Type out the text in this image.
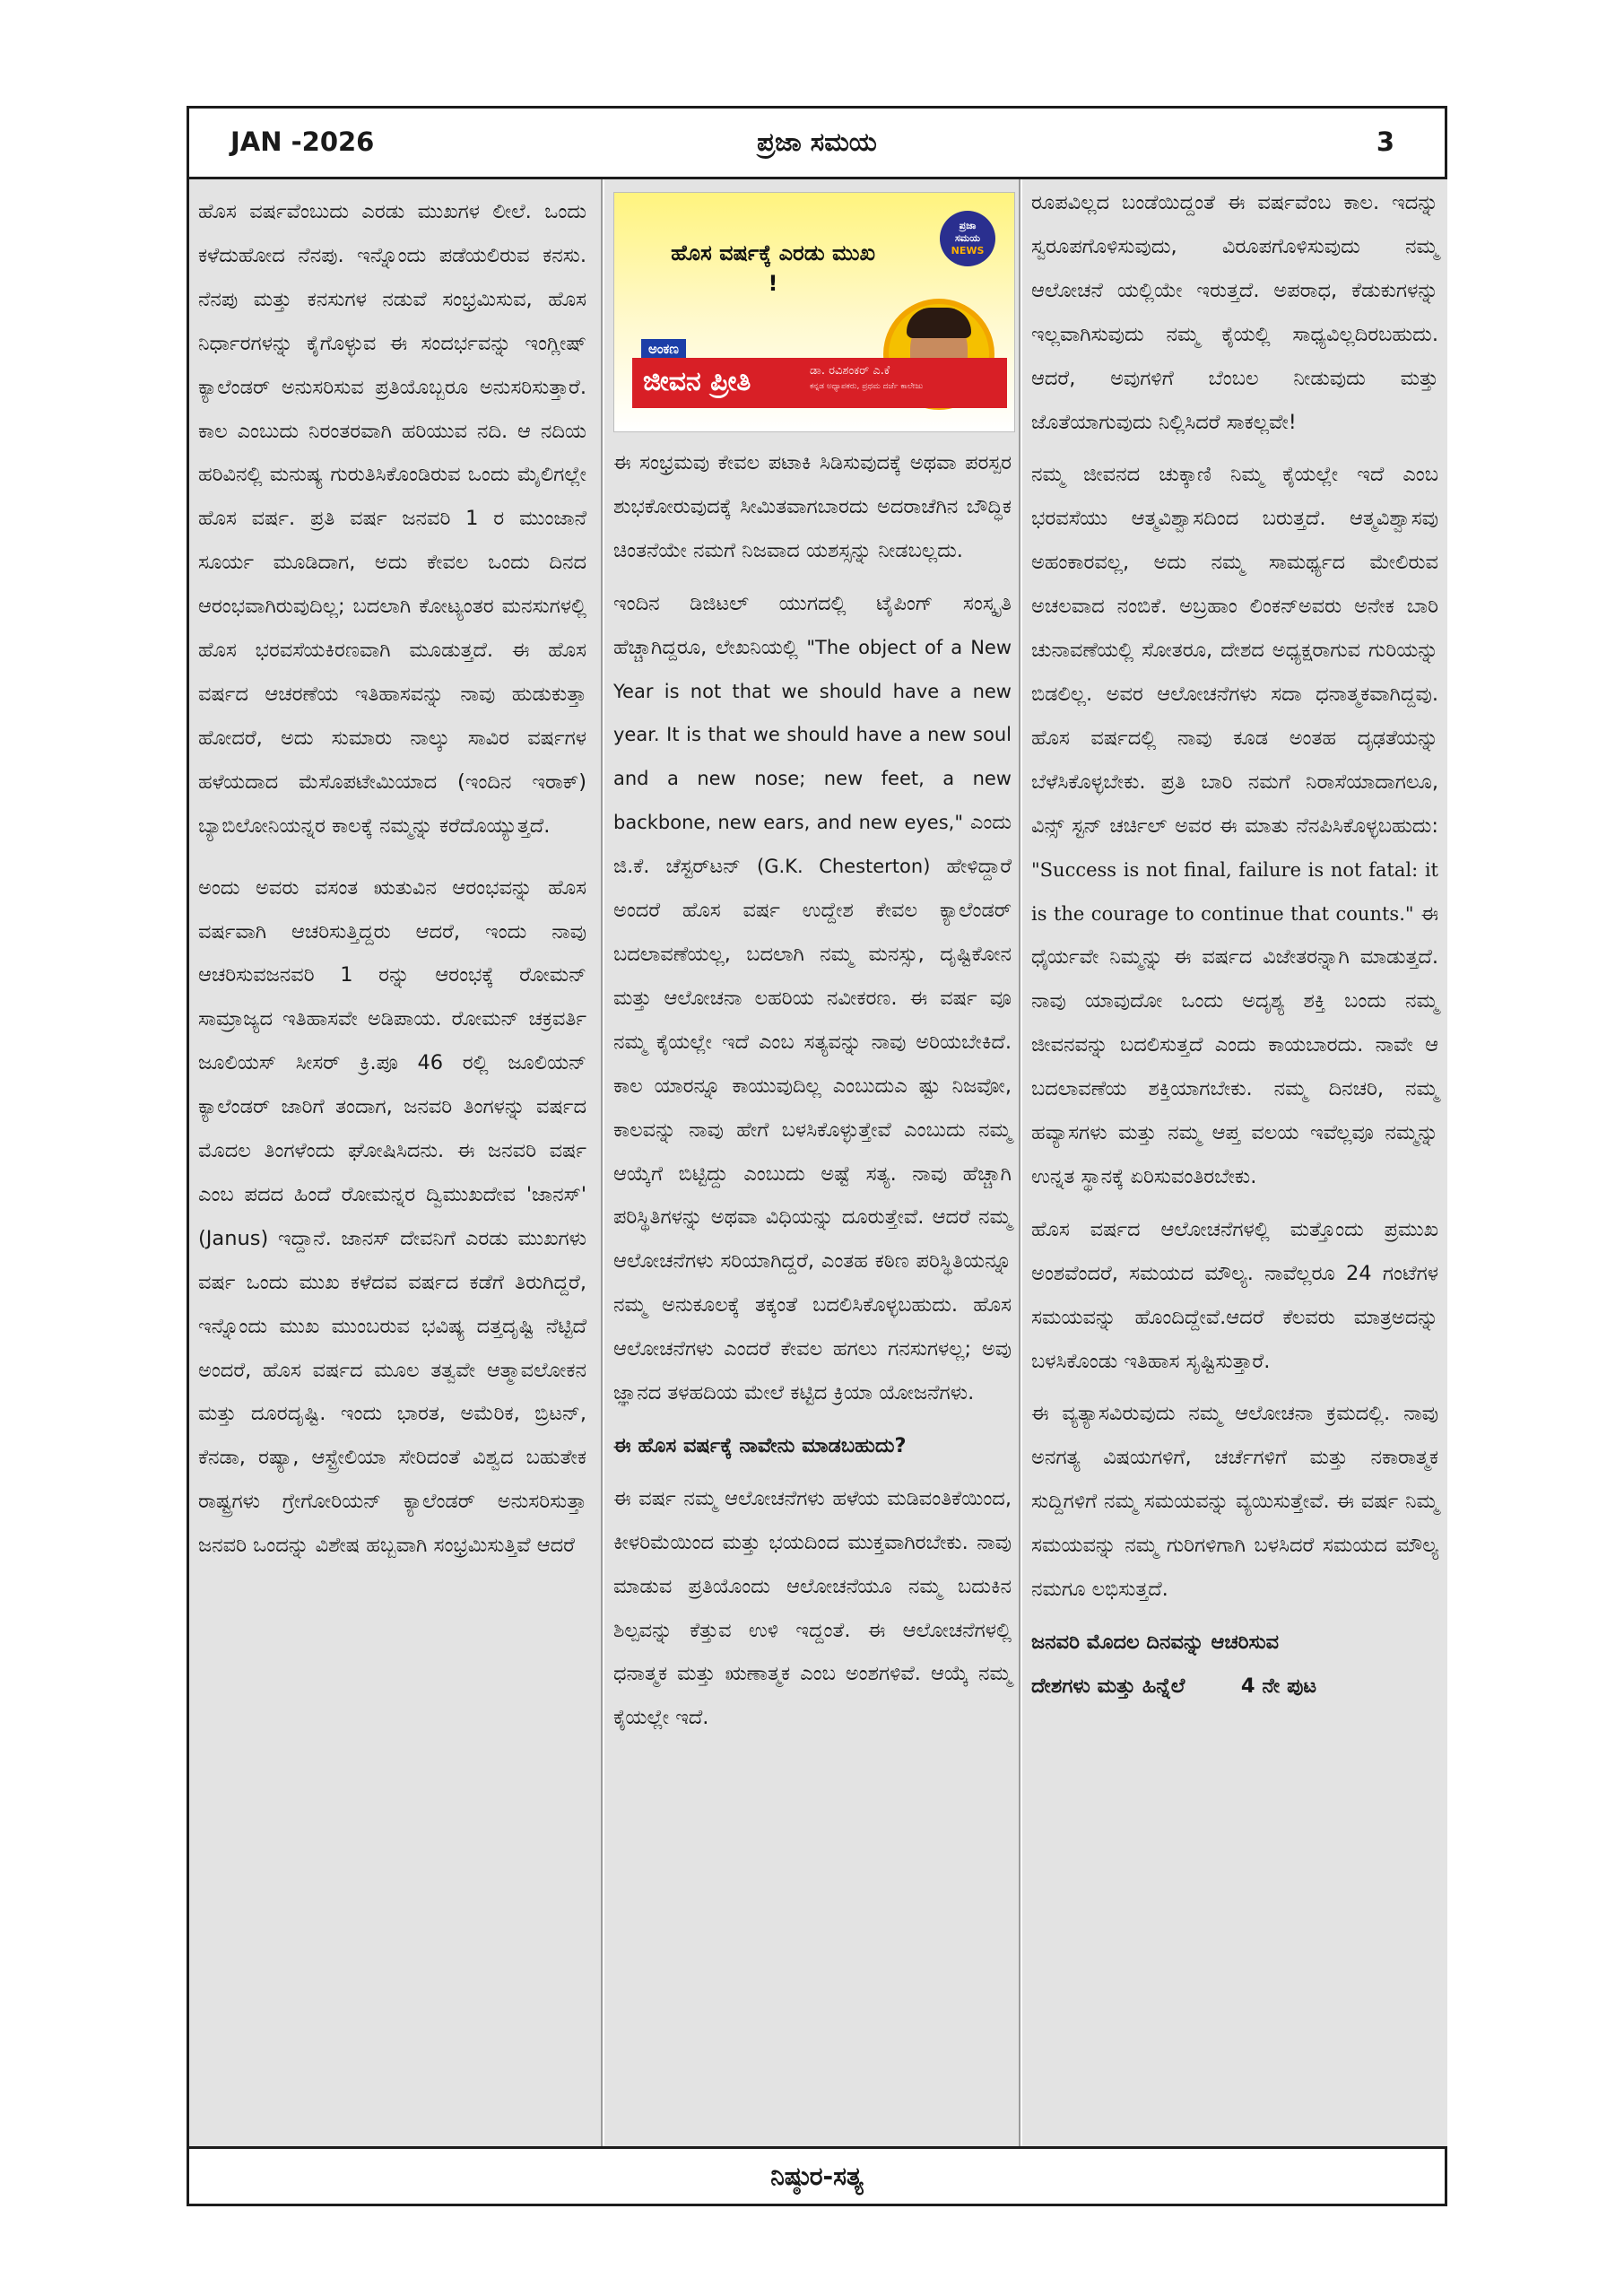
JAN -2026	ಪ್ರಜಾ ಸಮಯ	3

ಹೊಸ ವರ್ಷವೆಂಬುದು ಎರಡು ಮುಖಗಳ ಲೀಲೆ. ಒಂದು ಕಳೆದುಹೋದ ನೆನಪು. ಇನ್ನೊಂದು ಪಡೆಯಲಿರುವ ಕನಸು. ನೆನಪು ಮತ್ತು ಕನಸುಗಳ ನಡುವೆ ಸಂಭ್ರಮಿಸುವ, ಹೊಸ ನಿರ್ಧಾರಗಳನ್ನು ಕೈಗೊಳ್ಳುವ ಈ ಸಂದರ್ಭವನ್ನು ಇಂಗ್ಲೀಷ್ ಕ್ಯಾಲೆಂಡರ್ ಅನುಸರಿಸುವ ಪ್ರತಿಯೊಬ್ಬರೂ ಅನುಸರಿಸುತ್ತಾರೆ. ಕಾಲ ಎಂಬುದು ನಿರಂತರವಾಗಿ ಹರಿಯುವ ನದಿ. ಆ ನದಿಯ ಹರಿವಿನಲ್ಲಿ ಮನುಷ್ಯ ಗುರುತಿಸಿಕೊಂಡಿರುವ ಒಂದು ಮೈಲಿಗಲ್ಲೇ ಹೊಸ ವರ್ಷ. ಪ್ರತಿ ವರ್ಷ ಜನವರಿ 1 ರ ಮುಂಜಾನೆ ಸೂರ್ಯ ಮೂಡಿದಾಗ, ಅದು ಕೇವಲ ಒಂದು ದಿನದ ಆರಂಭವಾಗಿರುವುದಿಲ್ಲ; ಬದಲಾಗಿ ಕೋಟ್ಯಂತರ ಮನಸುಗಳಲ್ಲಿ ಹೊಸ ಭರವಸೆಯಕಿರಣವಾಗಿ ಮೂಡುತ್ತದೆ. ಈ ಹೊಸ ವರ್ಷದ ಆಚರಣೆಯ ಇತಿಹಾಸವನ್ನು ನಾವು ಹುಡುಕುತ್ತಾ ಹೋದರೆ, ಅದು ಸುಮಾರು ನಾಲ್ಕು ಸಾವಿರ ವರ್ಷಗಳ ಹಳೆಯದಾದ ಮೆಸೊಪಟೇಮಿಯಾದ (ಇಂದಿನ ಇರಾಕ್) ಬ್ಯಾಬಿಲೋನಿಯನ್ನರ ಕಾಲಕ್ಕೆ ನಮ್ಮನ್ನು ಕರೆದೊಯ್ಯುತ್ತದೆ.

ಅಂದು ಅವರು ವಸಂತ ಋತುವಿನ ಆರಂಭವನ್ನು ಹೊಸ ವರ್ಷವಾಗಿ ಆಚರಿಸುತ್ತಿದ್ದರು ಆದರೆ, ಇಂದು ನಾವು ಆಚರಿಸುವಜನವರಿ 1 ರನ್ನು ಆರಂಭಕ್ಕೆ ರೋಮನ್ ಸಾಮ್ರಾಜ್ಯದ ಇತಿಹಾಸವೇ ಅಡಿಪಾಯ. ರೋಮನ್ ಚಕ್ರವರ್ತಿ ಜೂಲಿಯಸ್ ಸೀಸರ್ ಕ್ರಿ.ಪೂ 46 ರಲ್ಲಿ ಜೂಲಿಯನ್ ಕ್ಯಾಲೆಂಡರ್ ಜಾರಿಗೆ ತಂದಾಗ, ಜನವರಿ ತಿಂಗಳನ್ನು ವರ್ಷದ ಮೊದಲ ತಿಂಗಳೆಂದು ಘೋಷಿಸಿದನು. ಈ ಜನವರಿ ವರ್ಷ ಎಂಬ ಪದದ ಹಿಂದೆ ರೋಮನ್ನರ ದ್ವಿಮುಖದೇವ 'ಜಾನಸ್' (Janus) ಇದ್ದಾನೆ. ಜಾನಸ್ ದೇವನಿಗೆ ಎರಡು ಮುಖಗಳು ವರ್ಷ ಒಂದು ಮುಖ ಕಳೆದವ ವರ್ಷದ ಕಡೆಗೆ ತಿರುಗಿದ್ದರೆ, ಇನ್ನೊಂದು ಮುಖ ಮುಂಬರುವ ಭವಿಷ್ಯ ದತ್ತದೃಷ್ಟಿ ನೆಟ್ಟಿದೆ ಅಂದರೆ, ಹೊಸ ವರ್ಷದ ಮೂಲ ತತ್ವವೇ ಆತ್ಮಾವಲೋಕನ ಮತ್ತು ದೂರದೃಷ್ಟಿ. ಇಂದು ಭಾರತ, ಅಮೆರಿಕ, ಬ್ರಿಟನ್, ಕೆನಡಾ, ರಷ್ಯಾ, ಆಸ್ಟ್ರೇಲಿಯಾ ಸೇರಿದಂತೆ ವಿಶ್ವದ ಬಹುತೇಕ ರಾಷ್ಟ್ರಗಳು ಗ್ರೇಗೋರಿಯನ್ ಕ್ಯಾಲೆಂಡರ್ ಅನುಸರಿಸುತ್ತಾ ಜನವರಿ ಒಂದನ್ನು ವಿಶೇಷ ಹಬ್ಬವಾಗಿ ಸಂಭ್ರಮಿಸುತ್ತಿವೆ ಆದರೆ

ಹೊಸ ವರ್ಷಕ್ಕೆ ಎರಡು ಮುಖ !
ಪ್ರಜಾ
ಸಮಯ
NEWS
ಅಂಕಣ
ಜೀವನ ಪ್ರೀತಿ	ಡಾ. ರವಿಶಂಕರ್ ಎ.ಕೆ
ಕನ್ನಡ ಅಧ್ಯಾಪಕರು, ಪ್ರಥಮ ದರ್ಜೆ ಕಾಲೇಜು

ಈ ಸಂಭ್ರಮವು ಕೇವಲ ಪಟಾಕಿ ಸಿಡಿಸುವುದಕ್ಕೆ ಅಥವಾ ಪರಸ್ಪರ ಶುಭಕೋರುವುದಕ್ಕೆ ಸೀಮಿತವಾಗಬಾರದು ಅದರಾಚೆಗಿನ ಬೌದ್ಧಿಕ ಚಿಂತನೆಯೇ ನಮಗೆ ನಿಜವಾದ ಯಶಸ್ಸನ್ನು ನೀಡಬಲ್ಲದು.

ಇಂದಿನ ಡಿಜಿಟಲ್ ಯುಗದಲ್ಲಿ ಟೈಪಿಂಗ್ ಸಂಸ್ಕೃತಿ ಹೆಚ್ಚಾಗಿದ್ದರೂ, ಲೇಖನಿಯಲ್ಲಿ "The object of a New Year is not that we should have a new year. It is that we should have a new soul and a new nose; new feet, a new backbone, new ears, and new eyes," ಎಂದು ಜಿ.ಕೆ. ಚೆಸ್ಟರ್‌ಟನ್ (G.K. Chesterton) ಹೇಳಿದ್ದಾರೆ ಅಂದರೆ ಹೊಸ ವರ್ಷ ಉದ್ದೇಶ ಕೇವಲ ಕ್ಯಾಲೆಂಡರ್ ಬದಲಾವಣೆಯಲ್ಲ, ಬದಲಾಗಿ ನಮ್ಮ ಮನಸ್ಸು, ದೃಷ್ಟಿಕೋನ ಮತ್ತು ಆಲೋಚನಾ ಲಹರಿಯ ನವೀಕರಣ. ಈ ವರ್ಷ ವೂ ನಮ್ಮ ಕೈಯಲ್ಲೇ ಇದೆ ಎಂಬ ಸತ್ಯವನ್ನು ನಾವು ಅರಿಯಬೇಕಿದೆ. ಕಾಲ ಯಾರನ್ನೂ ಕಾಯುವುದಿಲ್ಲ ಎಂಬುದುಎ ಷ್ಟು ನಿಜವೋ, ಕಾಲವನ್ನು ನಾವು ಹೇಗೆ ಬಳಸಿಕೊಳ್ಳುತ್ತೇವೆ ಎಂಬುದು ನಮ್ಮ ಆಯ್ಕೆಗೆ ಬಿಟ್ಟಿದ್ದು ಎಂಬುದು ಅಷ್ಟೆ ಸತ್ಯ. ನಾವು ಹೆಚ್ಚಾಗಿ ಪರಿಸ್ಥಿತಿಗಳನ್ನು ಅಥವಾ ವಿಧಿಯನ್ನು ದೂರುತ್ತೇವೆ. ಆದರೆ ನಮ್ಮ ಆಲೋಚನೆಗಳು ಸರಿಯಾಗಿದ್ದರೆ, ಎಂತಹ ಕಠಿಣ ಪರಿಸ್ಥಿತಿಯನ್ನೂ ನಮ್ಮ ಅನುಕೂಲಕ್ಕೆ ತಕ್ಕಂತೆ ಬದಲಿಸಿಕೊಳ್ಳಬಹುದು. ಹೊಸ ಆಲೋಚನೆಗಳು ಎಂದರೆ ಕೇವಲ ಹಗಲು ಗನಸುಗಳಲ್ಲ; ಅವು ಜ್ಞಾನದ ತಳಹದಿಯ ಮೇಲೆ ಕಟ್ಟಿದ ಕ್ರಿಯಾ ಯೋಜನೆಗಳು.

ಈ ಹೊಸ ವರ್ಷಕ್ಕೆ ನಾವೇನು ಮಾಡಬಹುದು?

ಈ ವರ್ಷ ನಮ್ಮ ಆಲೋಚನೆಗಳು ಹಳೆಯ ಮಡಿವಂತಿಕೆಯಿಂದ, ಕೀಳರಿಮೆಯಿಂದ ಮತ್ತು ಭಯದಿಂದ ಮುಕ್ತವಾಗಿರಬೇಕು. ನಾವು ಮಾಡುವ ಪ್ರತಿಯೊಂದು ಆಲೋಚನೆಯೂ ನಮ್ಮ ಬದುಕಿನ ಶಿಲ್ಪವನ್ನು ಕೆತ್ತುವ ಉಳಿ ಇದ್ದಂತೆ. ಈ ಆಲೋಚನೆಗಳಲ್ಲಿ ಧನಾತ್ಮಕ ಮತ್ತು ಋಣಾತ್ಮಕ ಎಂಬ ಅಂಶಗಳಿವೆ. ಆಯ್ಕೆ ನಮ್ಮ ಕೈಯಲ್ಲೇ ಇದೆ.

ರೂಪವಿಲ್ಲದ ಬಂಡೆಯಿದ್ದಂತೆ ಈ ವರ್ಷವೆಂಬ ಕಾಲ. ಇದನ್ನು ಸ್ವರೂಪಗೊಳಿಸುವುದು, ವಿರೂಪಗೊಳಿಸುವುದು ನಮ್ಮ ಆಲೋಚನೆ ಯಲ್ಲಿಯೇ ಇರುತ್ತದೆ. ಅಪರಾಧ, ಕೆಡುಕುಗಳನ್ನು ಇಲ್ಲವಾಗಿಸುವುದು ನಮ್ಮ ಕೈಯಲ್ಲಿ ಸಾಧ್ಯವಿಲ್ಲದಿರಬಹುದು. ಆದರೆ, ಅವುಗಳಿಗೆ ಬೆಂಬಲ ನೀಡುವುದು ಮತ್ತು ಜೊತೆಯಾಗುವುದು ನಿಲ್ಲಿಸಿದರೆ ಸಾಕಲ್ಲವೇ!

ನಮ್ಮ ಜೀವನದ ಚುಕ್ಕಾಣಿ ನಿಮ್ಮ ಕೈಯಲ್ಲೇ ಇದೆ ಎಂಬ ಭರವಸೆಯು ಆತ್ಮವಿಶ್ವಾಸದಿಂದ ಬರುತ್ತದೆ. ಆತ್ಮವಿಶ್ವಾಸವು ಅಹಂಕಾರವಲ್ಲ, ಅದು ನಮ್ಮ ಸಾಮರ್ಥ್ಯದ ಮೇಲಿರುವ ಅಚಲವಾದ ನಂಬಿಕೆ. ಅಬ್ರಹಾಂ ಲಿಂಕನ್‌ಅವರು ಅನೇಕ ಬಾರಿ ಚುನಾವಣೆಯಲ್ಲಿ ಸೋತರೂ, ದೇಶದ ಅಧ್ಯಕ್ಷರಾಗುವ ಗುರಿಯನ್ನು ಬಿಡಲಿಲ್ಲ. ಅವರ ಆಲೋಚನೆಗಳು ಸದಾ ಧನಾತ್ಮಕವಾಗಿದ್ದವು. ಹೊಸ ವರ್ಷದಲ್ಲಿ ನಾವು ಕೂಡ ಅಂತಹ ದೃಢತೆಯನ್ನು ಬೆಳೆಸಿಕೊಳ್ಳಬೇಕು. ಪ್ರತಿ ಬಾರಿ ನಮಗೆ ನಿರಾಸೆಯಾದಾಗಲೂ, ವಿನ್ಸ್ ಸ್ಟನ್ ಚರ್ಚಿಲ್ ಅವರ ಈ ಮಾತು ನೆನಪಿಸಿಕೊಳ್ಳಬಹುದು: "Success is not final, failure is not fatal: it is the courage to continue that counts." ಈ ಧೈರ್ಯವೇ ನಿಮ್ಮನ್ನು ಈ ವರ್ಷದ ವಿಜೇತರನ್ನಾಗಿ ಮಾಡುತ್ತದೆ. ನಾವು ಯಾವುದೋ ಒಂದು ಅದೃಶ್ಯ ಶಕ್ತಿ ಬಂದು ನಮ್ಮ ಜೀವನವನ್ನು ಬದಲಿಸುತ್ತದೆ ಎಂದು ಕಾಯಬಾರದು. ನಾವೇ ಆ ಬದಲಾವಣೆಯ ಶಕ್ತಿಯಾಗಬೇಕು. ನಮ್ಮ ದಿನಚರಿ, ನಮ್ಮ ಹವ್ಯಾಸಗಳು ಮತ್ತು ನಮ್ಮ ಆಪ್ತ ವಲಯ ಇವೆಲ್ಲವೂ ನಮ್ಮನ್ನು ಉನ್ನತ ಸ್ಥಾನಕ್ಕೆ ಏರಿಸುವಂತಿರಬೇಕು.

ಹೊಸ ವರ್ಷದ ಆಲೋಚನೆಗಳಲ್ಲಿ ಮತ್ತೊಂದು ಪ್ರಮುಖ ಅಂಶವೆಂದರೆ, ಸಮಯದ ಮೌಲ್ಯ. ನಾವೆಲ್ಲರೂ 24 ಗಂಟೆಗಳ ಸಮಯವನ್ನು ಹೊಂದಿದ್ದೇವೆ.ಆದರೆ ಕೆಲವರು ಮಾತ್ರಅದನ್ನು ಬಳಸಿಕೊಂಡು ಇತಿಹಾಸ ಸೃಷ್ಟಿಸುತ್ತಾರೆ.

ಈ ವ್ಯತ್ಯಾಸವಿರುವುದು ನಮ್ಮ ಆಲೋಚನಾ ಕ್ರಮದಲ್ಲಿ. ನಾವು ಅನಗತ್ಯ ವಿಷಯಗಳಿಗೆ, ಚರ್ಚೆಗಳಿಗೆ ಮತ್ತು ನಕಾರಾತ್ಮಕ ಸುದ್ದಿಗಳಿಗೆ ನಮ್ಮ ಸಮಯವನ್ನು ವ್ಯಯಿಸುತ್ತೇವೆ. ಈ ವರ್ಷ ನಿಮ್ಮ ಸಮಯವನ್ನು ನಮ್ಮ ಗುರಿಗಳಿಗಾಗಿ ಬಳಸಿದರೆ ಸಮಯದ ಮೌಲ್ಯ ನಮಗೂ ಲಭಿಸುತ್ತದೆ.

ಜನವರಿ ಮೊದಲ ದಿನವನ್ನು ಆಚರಿಸುವ
ದೇಶಗಳು ಮತ್ತು ಹಿನ್ನೆಲೆ	4 ನೇ ಪುಟ

ನಿಷ್ಠುರ-ಸತ್ಯ
